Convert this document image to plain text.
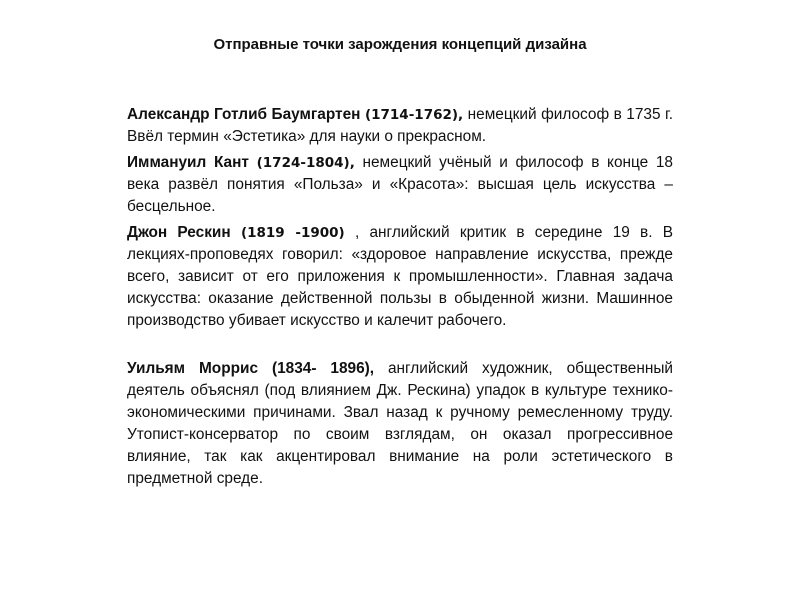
Отправные точки зарождения концепций дизайна

Александр Готлиб Баумгартен (1714-1762), немецкий философ в 1735 г. Ввёл термин «Эстетика» для науки о прекрасном.

Иммануил Кант (1724-1804), немецкий учёный и философ в конце 18 века развёл понятия «Польза» и «Красота»: высшая цель искусства – бесцельное.

Джон Рескин (1819 -1900) , английский критик в середине 19 в. В лекциях-проповедях говорил: «здоровое направление искусства, прежде всего, зависит от его приложения к промышленности». Главная задача искусства: оказание действенной пользы в обыденной жизни. Машинное производство убивает искусство и калечит рабочего.

Уильям Моррис (1834- 1896), английский художник, общественный деятель объяснял (под влиянием Дж. Рескина) упадок в культуре технико-экономическими причинами. Звал назад к ручному ремесленному труду. Утопист-консерватор по своим взглядам, он оказал прогрессивное влияние, так как акцентировал внимание на роли эстетического в предметной среде.
